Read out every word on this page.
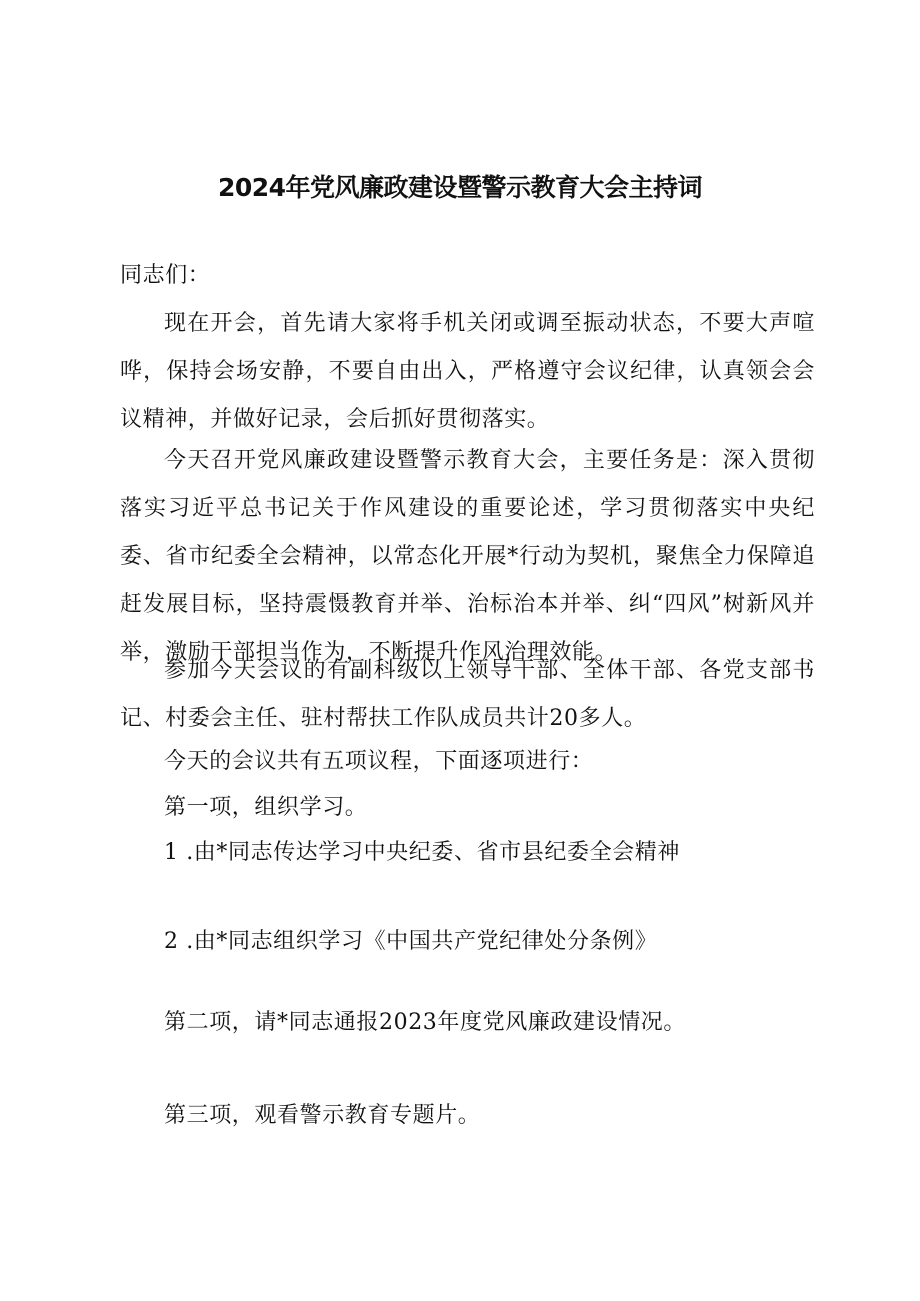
2024年党风廉政建设暨警示教育大会主持词
同志们：

现在开会，首先请大家将手机关闭或调至振动状态，不要大声喧哗，保持会场安静，不要自由出入，严格遵守会议纪律，认真领会会议精神，并做好记录，会后抓好贯彻落实。

今天召开党风廉政建设暨警示教育大会，主要任务是：深入贯彻落实习近平总书记关于作风建设的重要论述，学习贯彻落实中央纪委、省市纪委全会精神，以常态化开展*行动为契机，聚焦全力保障追赶发展目标，坚持震慑教育并举、治标治本并举、纠“四风”树新风并举，激励干部担当作为，不断提升作风治理效能。

参加今天会议的有副科级以上领导干部、全体干部、各党支部书记、村委会主任、驻村帮扶工作队成员共计20多人。

今天的会议共有五项议程，下面逐项进行：
第一项，组织学习。
1 .由*同志传达学习中央纪委、省市县纪委全会精神
2 .由*同志组织学习《中国共产党纪律处分条例》
第二项，请*同志通报2023年度党风廉政建设情况。
第三项，观看警示教育专题片。
